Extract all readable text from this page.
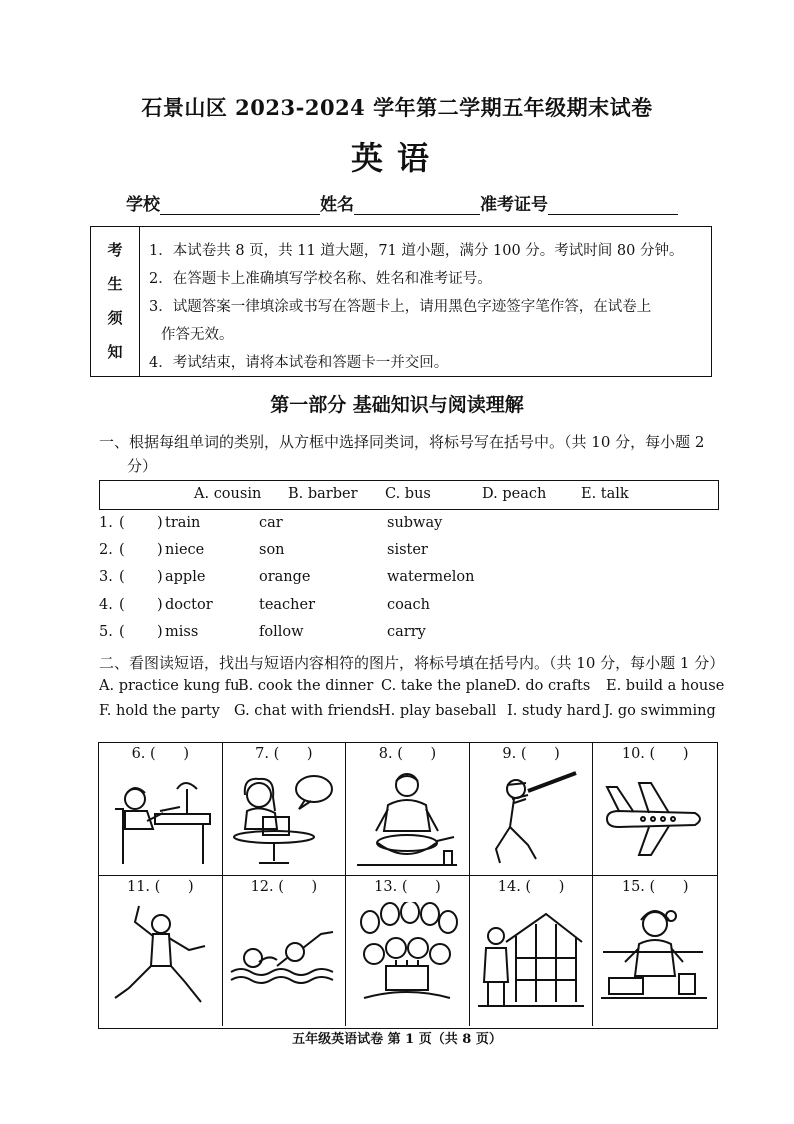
石景山区 2023-2024 学年第二学期五年级期末试卷
英语
学校	姓名	准考证号
考
生
须
知
1．本试卷共 8 页，共 11 道大题，71 道小题，满分 100 分。考试时间 80 分钟。
2．在答题卡上准确填写学校名称、姓名和准考证号。
3．试题答案一律填涂或书写在答题卡上，请用黑色字迹签字笔作答，在试卷上
作答无效。
4．考试结束，请将本试卷和答题卡一并交回。
第一部分 基础知识与阅读理解
一、根据每组单词的类别，从方框中选择同类词，将标号写在括号中。（共 10 分，每小题 2
分）
A. cousin B. barber C. bus	D. peach E. talk
1. ( ) train	car	subway
2. ( ) niece	son	sister
3. ( ) apple	orange	watermelon
4. ( ) doctor	teacher	coach
5. ( ) miss	follow	carry
二、看图读短语，找出与短语内容相符的图片，将标号填在括号内。（共 10 分，每小题 1 分）
A. practice kung fu
B. cook the dinner C. take the plane
D. do crafts E. build a house
F. hold the party G. chat with friends
H. play baseball I. study hard J. go swimming
6. (      )	7. (      )	8. (      )	9. (      )	10. (      )
11. (      )	12. (      )	13. (      )	14. (      )	15. (      )
五年级英语试卷 第 1 页（共 8 页）
